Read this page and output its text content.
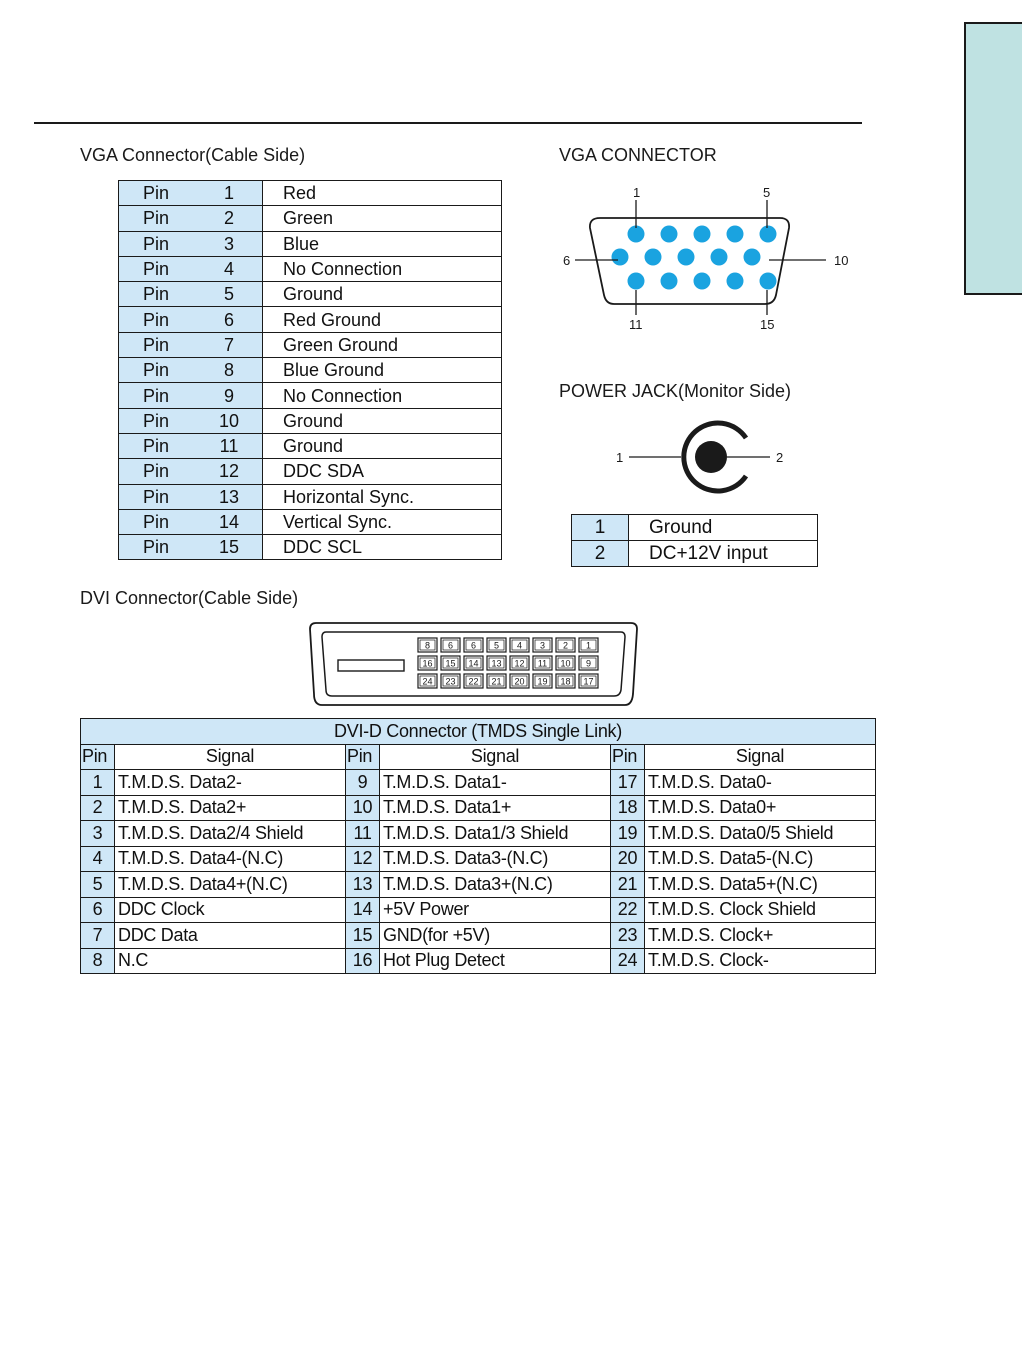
VGA Connector(Cable Side)	VGA CONNECTOR
POWER JACK(Monitor Side)
DVI Connector(Cable Side)
Pin 1	Red
Pin 2	Green
Pin 3	Blue
Pin 4	No Connection
Pin 5	Ground
Pin 6	Red Ground
Pin 7	Green Ground
Pin 8	Blue Ground
Pin 9	No Connection
Pin 10	Ground
Pin 11	Ground
Pin 12	DDC SDA
Pin 13	Horizontal Sync.
Pin 14	Vertical Sync.
Pin 15	DDC SCL
1	5
6	10
11	15
1	2
8 6 6 5 4 3 2 1
16 15 14 13 12 11 10 9
24 23 22 21 20 19 18 17
1	Ground
2	DC+12V input
DVI-D Connector (TMDS Single Link)					
Pin	Signal	Pin	Signal	Pin	Signal
1	T.M.D.S. Data2-	9	T.M.D.S. Data1-	17	T.M.D.S. Data0-
2	T.M.D.S. Data2+	10	T.M.D.S. Data1+	18	T.M.D.S. Data0+
3	T.M.D.S. Data2/4 Shield	11	T.M.D.S. Data1/3 Shield	19	T.M.D.S. Data0/5 Shield
4	T.M.D.S. Data4-(N.C)	12	T.M.D.S. Data3-(N.C)	20	T.M.D.S. Data5-(N.C)
5	T.M.D.S. Data4+(N.C)	13	T.M.D.S. Data3+(N.C)	21	T.M.D.S. Data5+(N.C)
6	DDC Clock	14	+5V Power	22	T.M.D.S. Clock Shield
7	DDC Data	15	GND(for +5V)	23	T.M.D.S. Clock+
8	N.C	16	Hot Plug Detect	24	T.M.D.S. Clock-
